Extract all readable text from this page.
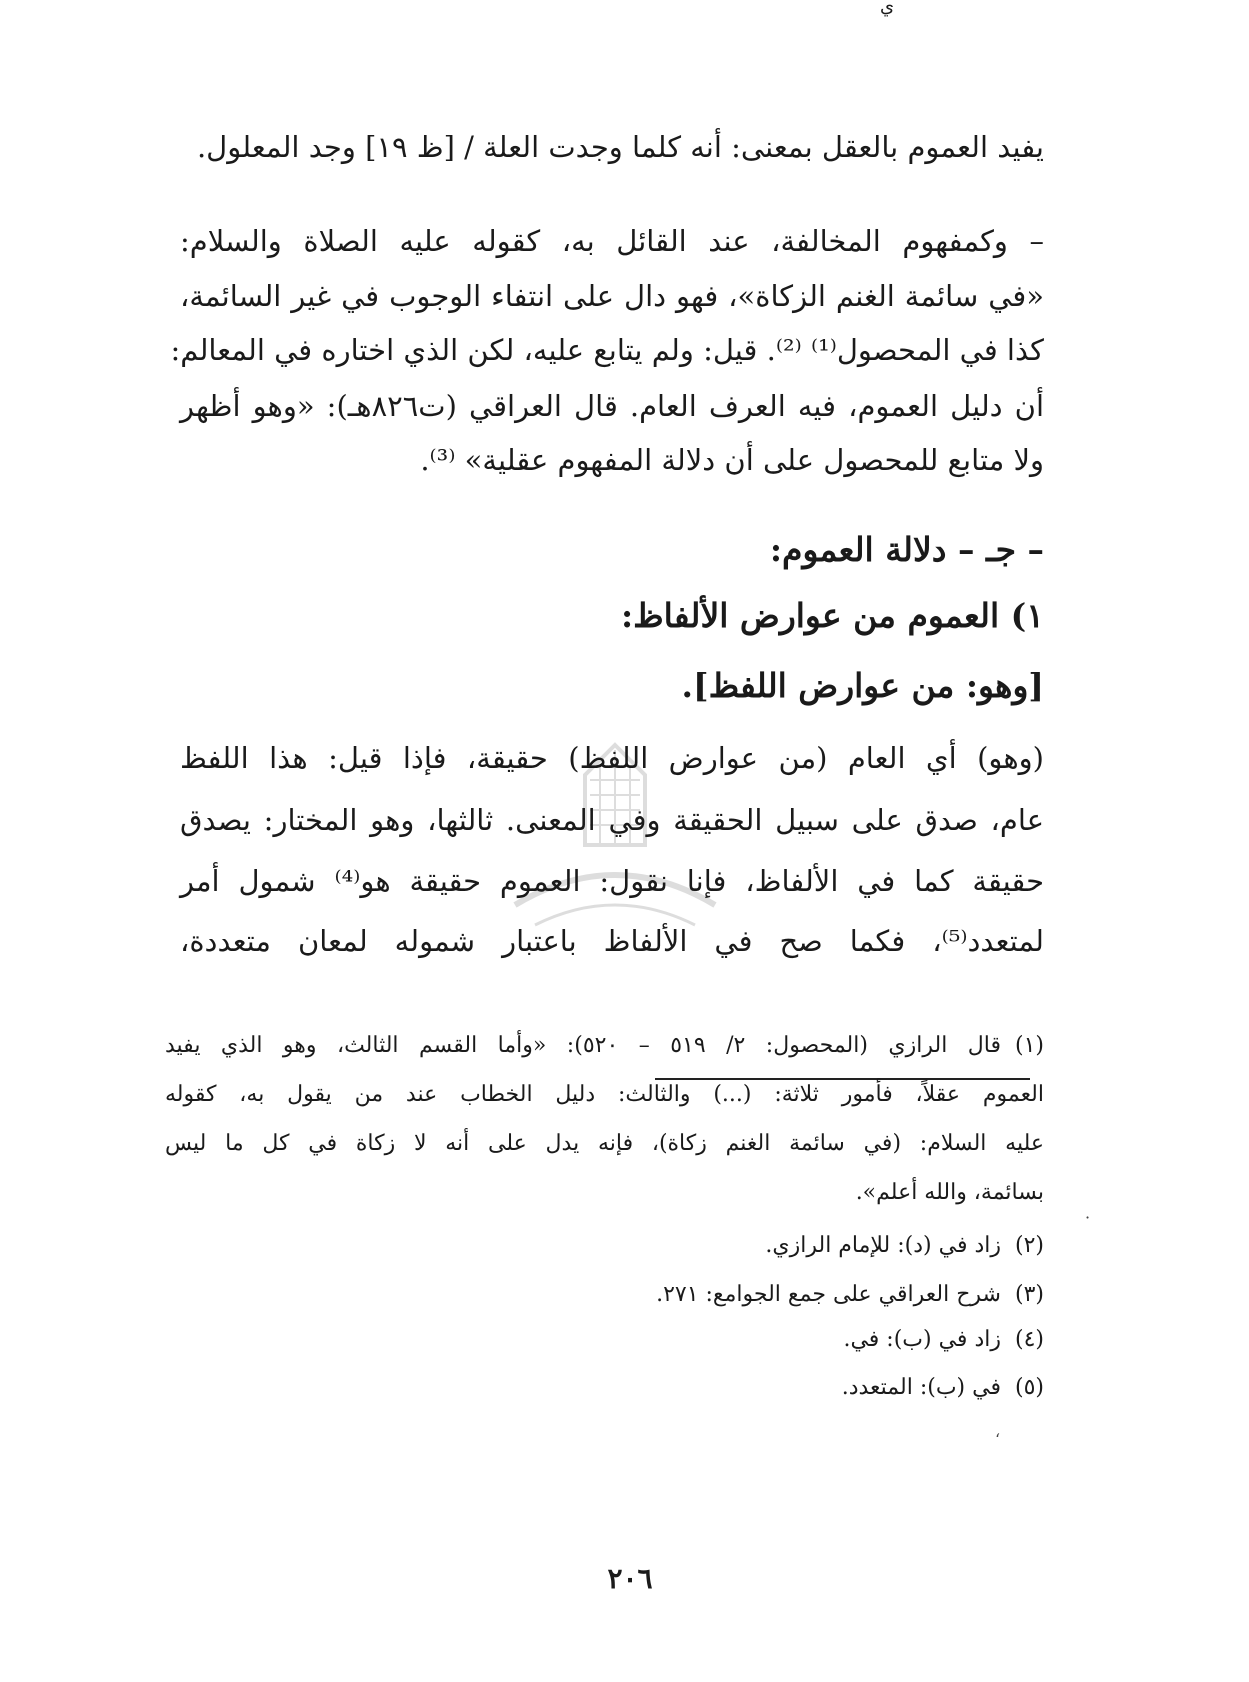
ي
يفيد العموم بالعقل بمعنى: أنه كلما وجدت العلة / [ظ ١٩] وجد المعلول.
– وكمفهوم المخالفة، عند القائل به، كقوله عليه الصلاة والسلام:
«في سائمة الغنم الزكاة»، فهو دال على انتفاء الوجوب في غير السائمة،
كذا في المحصول⁽¹⁾ ⁽²⁾. قيل: ولم يتابع عليه، لكن الذي اختاره في المعالم:
أن دليل العموم، فيه العرف العام. قال العراقي (ت٨٢٦هـ): «وهو أظهر
ولا متابع للمحصول على أن دلالة المفهوم عقلية» ⁽³⁾.
– جـ – دلالة العموم:
١) العموم من عوارض الألفاظ:
[وهو: من عوارض اللفظ].
(وهو) أي العام (من عوارض اللفظ) حقيقة، فإذا قيل: هذا اللفظ
عام، صدق على سبيل الحقيقة وفي المعنى. ثالثها، وهو المختار: يصدق
حقيقة كما في الألفاظ، فإنا نقول: العموم حقيقة هو⁽⁴⁾ شمول أمر
لمتعدد⁽⁵⁾، فكما صح في الألفاظ باعتبار شموله لمعان متعددة،
(١)قال الرازي (المحصول: ٢/ ٥١٩ – ٥٢٠): «وأما القسم الثالث، وهو الذي يفيد
العموم عقلاً، فأمور ثلاثة: (...) والثالث: دليل الخطاب عند من يقول به، كقوله
عليه السلام: (في سائمة الغنم زكاة)، فإنه يدل على أنه لا زكاة في كل ما ليس
بسائمة، والله أعلم».
(٢)زاد في (د): للإمام الرازي.
(٣)شرح العراقي على جمع الجوامع: ٢٧١.
(٤)زاد في (ب): في.
(٥)في (ب): المتعدد.
٢٠٦
·
ʻ
